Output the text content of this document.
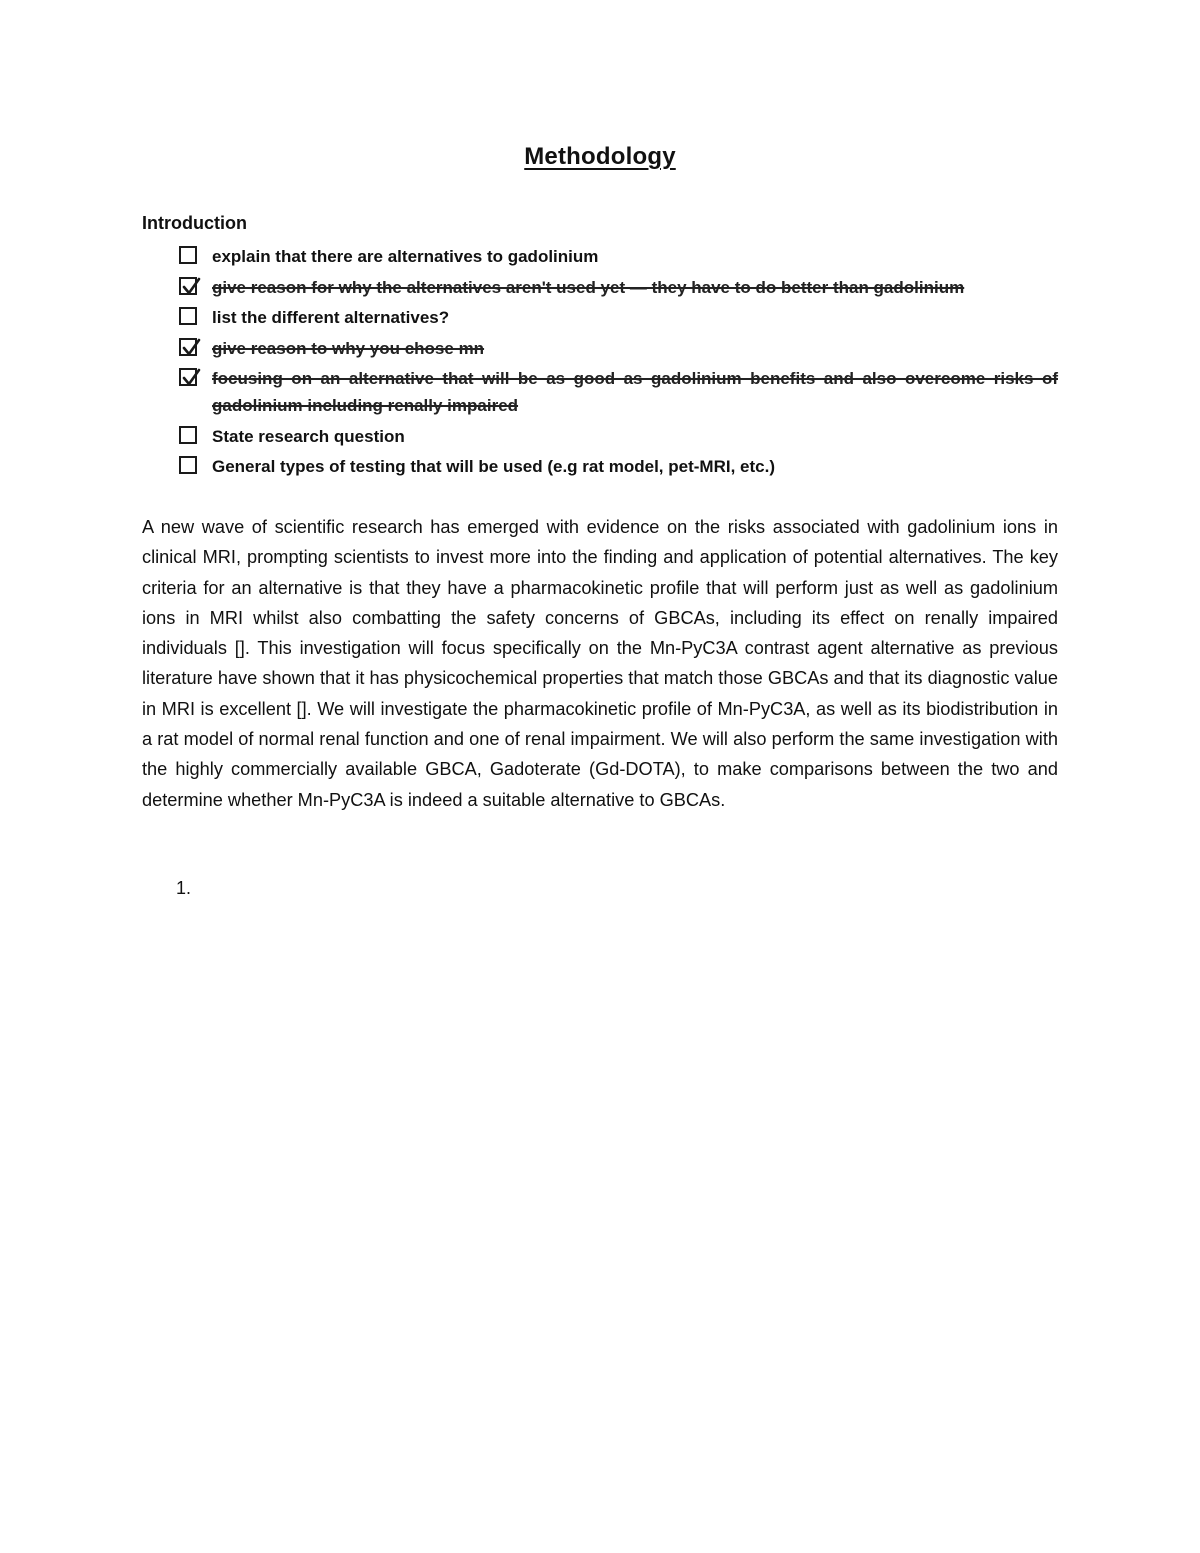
Methodology
Introduction
explain that there are alternatives to gadolinium
give reason for why the alternatives aren't used yet — they have to do better than gadolinium
list the different alternatives?
give reason to why you chose mn
focusing on an alternative that will be as good as gadolinium benefits and also overcome risks of gadolinium including renally impaired
State research question
General types of testing that will be used (e.g rat model, pet-MRI, etc.)

A new wave of scientific research has emerged with evidence on the risks associated with gadolinium ions in clinical MRI, prompting scientists to invest more into the finding and application of potential alternatives. The key criteria for an alternative is that they have a pharmacokinetic profile that will perform just as well as gadolinium ions in MRI whilst also combatting the safety concerns of GBCAs, including its effect on renally impaired individuals []. This investigation will focus specifically on the Mn-PyC3A contrast agent alternative as previous literature have shown that it has physicochemical properties that match those GBCAs and that its diagnostic value in MRI is excellent []. We will investigate the pharmacokinetic profile of Mn-PyC3A, as well as its biodistribution in a rat model of normal renal function and one of renal impairment. We will also perform the same investigation with the highly commercially available GBCA, Gadoterate (Gd-DOTA), to make comparisons between the two and determine whether Mn-PyC3A is indeed a suitable alternative to GBCAs.

1.
